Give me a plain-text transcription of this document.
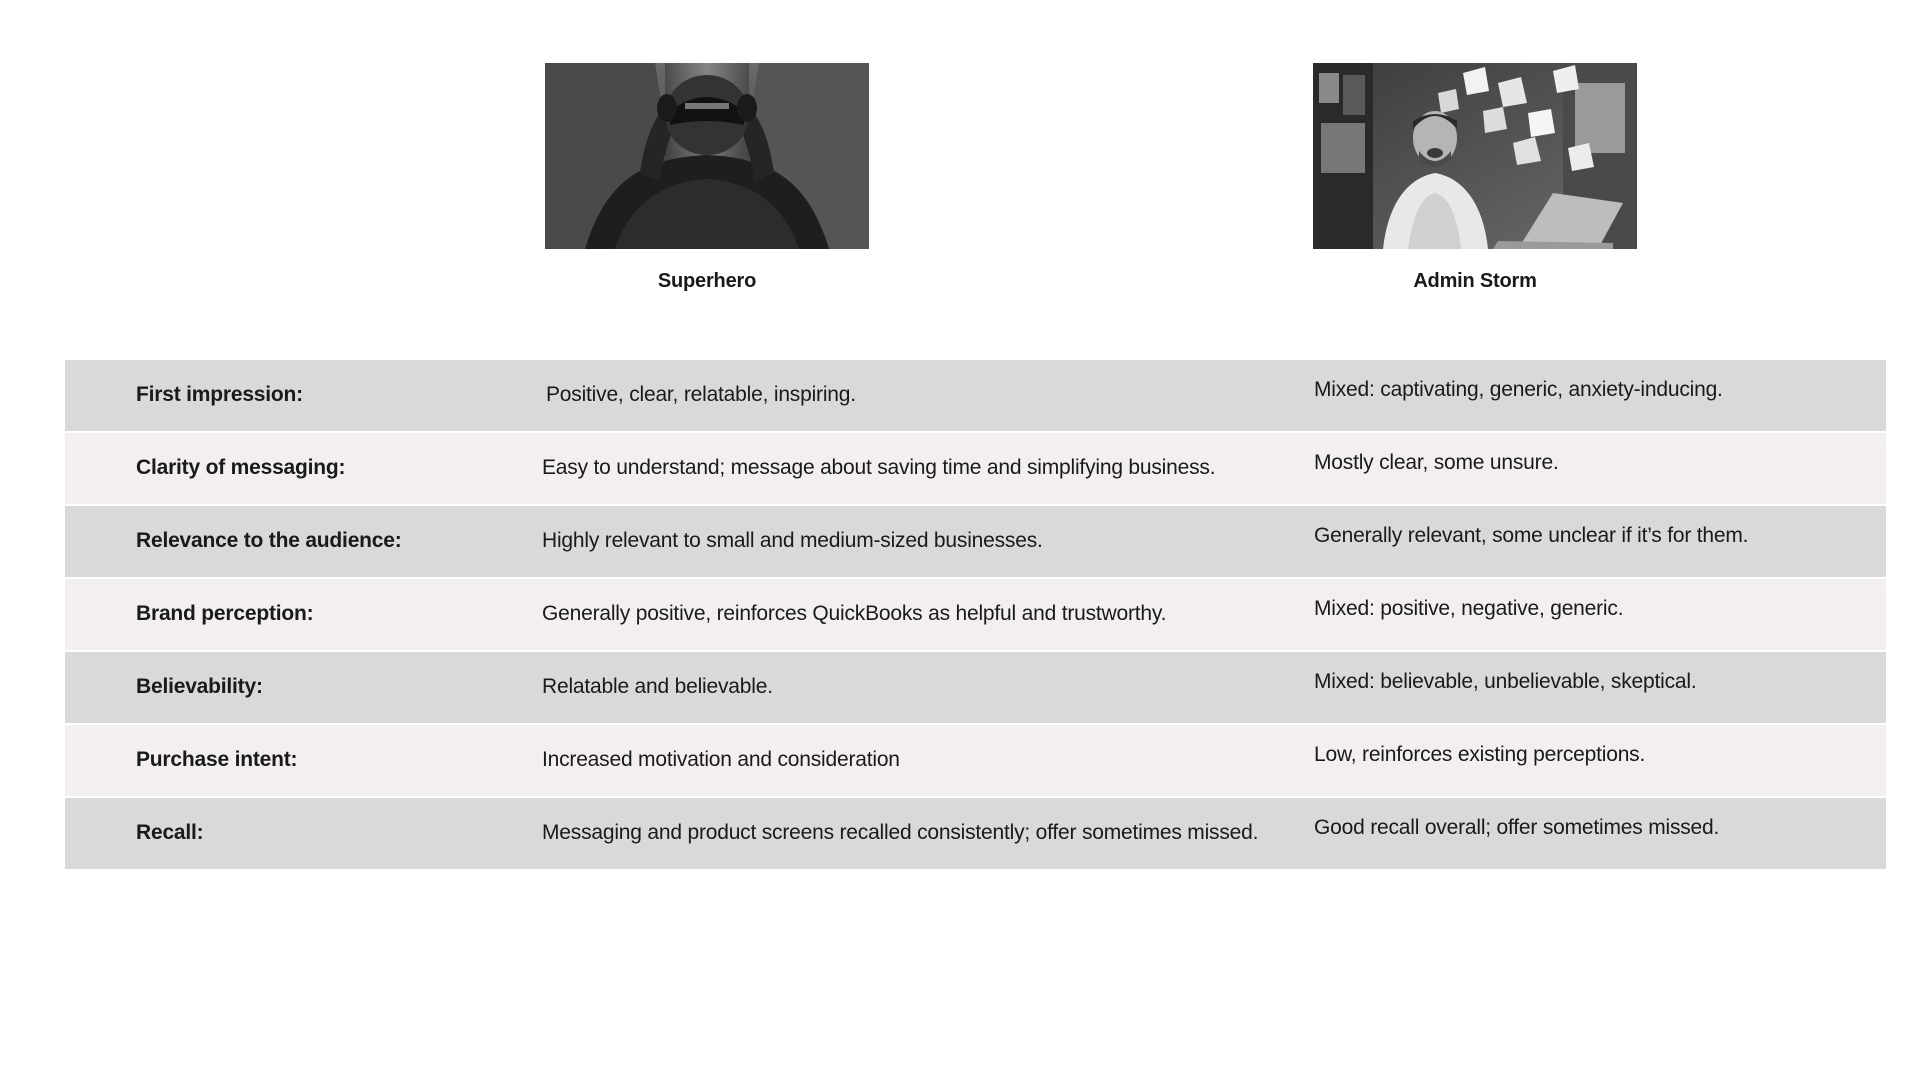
Superhero	Admin Storm
First impression:	Positive, clear, relatable, inspiring.	Mixed: captivating, generic, anxiety-inducing.
Clarity of messaging:	Easy to understand; message about saving time and simplifying business.	Mostly clear, some unsure.
Relevance to the audience:	Highly relevant to small and medium-sized businesses.	Generally relevant, some unclear if it’s for them.
Brand perception:	Generally positive, reinforces QuickBooks as helpful and trustworthy.	Mixed: positive, negative, generic.
Believability:	Relatable and believable.	Mixed: believable, unbelievable, skeptical.
Purchase intent:	Increased motivation and consideration	Low, reinforces existing perceptions.
Recall:	Messaging and product screens recalled consistently; offer sometimes missed.	Good recall overall; offer sometimes missed.
